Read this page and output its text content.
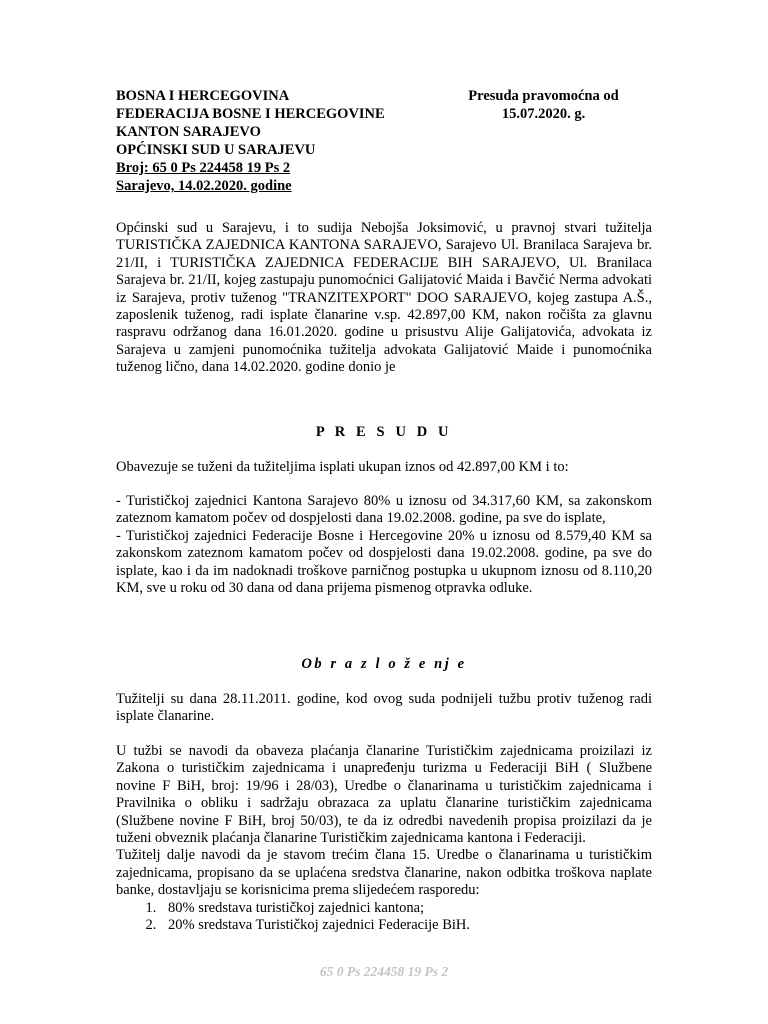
BOSNA I HERCEGOVINA
FEDERACIJA BOSNE I HERCEGOVINE
KANTON SARAJEVO
OPĆINSKI SUD U SARAJEVU
Broj: 65 0 Ps 224458 19 Ps 2
Sarajevo, 14.02.2020. godine
Presuda pravomoćna od
15.07.2020. g.

Općinski sud u Sarajevu, i to sudija Nebojša Joksimović, u pravnoj stvari tužitelja TURISTIČKA ZAJEDNICA KANTONA SARAJEVO, Sarajevo Ul. Branilaca Sarajeva br. 21/II, i TURISTIČKA ZAJEDNICA FEDERACIJE BIH SARAJEVO, Ul. Branilaca Sarajeva br. 21/II, kojeg zastupaju punomoćnici Galijatović Maida i Bavčić Nerma advokati iz Sarajeva, protiv tuženog "TRANZITEXPORT" DOO SARAJEVO, kojeg zastupa A.Š., zaposlenik tuženog, radi isplate članarine v.sp. 42.897,00 KM, nakon ročišta za glavnu raspravu održanog dana 16.01.2020. godine u prisustvu Alije Galijatovića, advokata iz Sarajeva u zamjeni punomoćnika tužitelja advokata Galijatović Maide i punomoćnika tuženog lično, dana 14.02.2020. godine donio je

P R E S U D U

Obavezuje se tuženi da tužiteljima isplati ukupan iznos od 42.897,00 KM i to:

- Turističkoj zajednici Kantona Sarajevo 80% u iznosu od 34.317,60 KM, sa zakonskom zateznom kamatom počev od dospjelosti dana 19.02.2008. godine, pa sve do isplate,

- Turističkoj zajednici Federacije Bosne i Hercegovine 20% u iznosu od 8.579,40 KM sa zakonskom zateznom kamatom počev od dospjelosti dana 19.02.2008. godine, pa sve do isplate, kao i da im nadoknadi troškove parničnog postupka u ukupnom iznosu od 8.110,20 KM, sve u roku od 30 dana od dana prijema pismenog otpravka odluke.

Ob r a z l o ž e nj e

Tužitelji su dana 28.11.2011. godine, kod ovog suda podnijeli tužbu protiv tuženog radi isplate članarine.

U tužbi se navodi da obaveza plaćanja članarine Turističkim zajednicama proizilazi iz Zakona o turističkim zajednicama i unapređenju turizma u Federaciji BiH ( Službene novine F BiH, broj: 19/96 i 28/03), Uredbe o članarinama u turističkim zajednicama i Pravilnika o obliku i sadržaju obrazaca za uplatu članarine turističkim zajednicama (Službene novine F BiH, broj 50/03), te da iz odredbi navedenih propisa proizilazi da je tuženi obveznik plaćanja članarine Turističkim zajednicama kantona i Federaciji.

Tužitelj dalje navodi da je stavom trećim člana 15. Uredbe o članarinama u turističkim zajednicama, propisano da se uplaćena sredstva članarine, nakon odbitka troškova naplate banke, dostavljaju se korisnicima prema slijedećem rasporedu:

1. 80% sredstava turističkoj zajednici kantona;
2. 20% sredstava Turističkoj zajednici Federacije BiH.
65 0 Ps 224458 19 Ps 2
